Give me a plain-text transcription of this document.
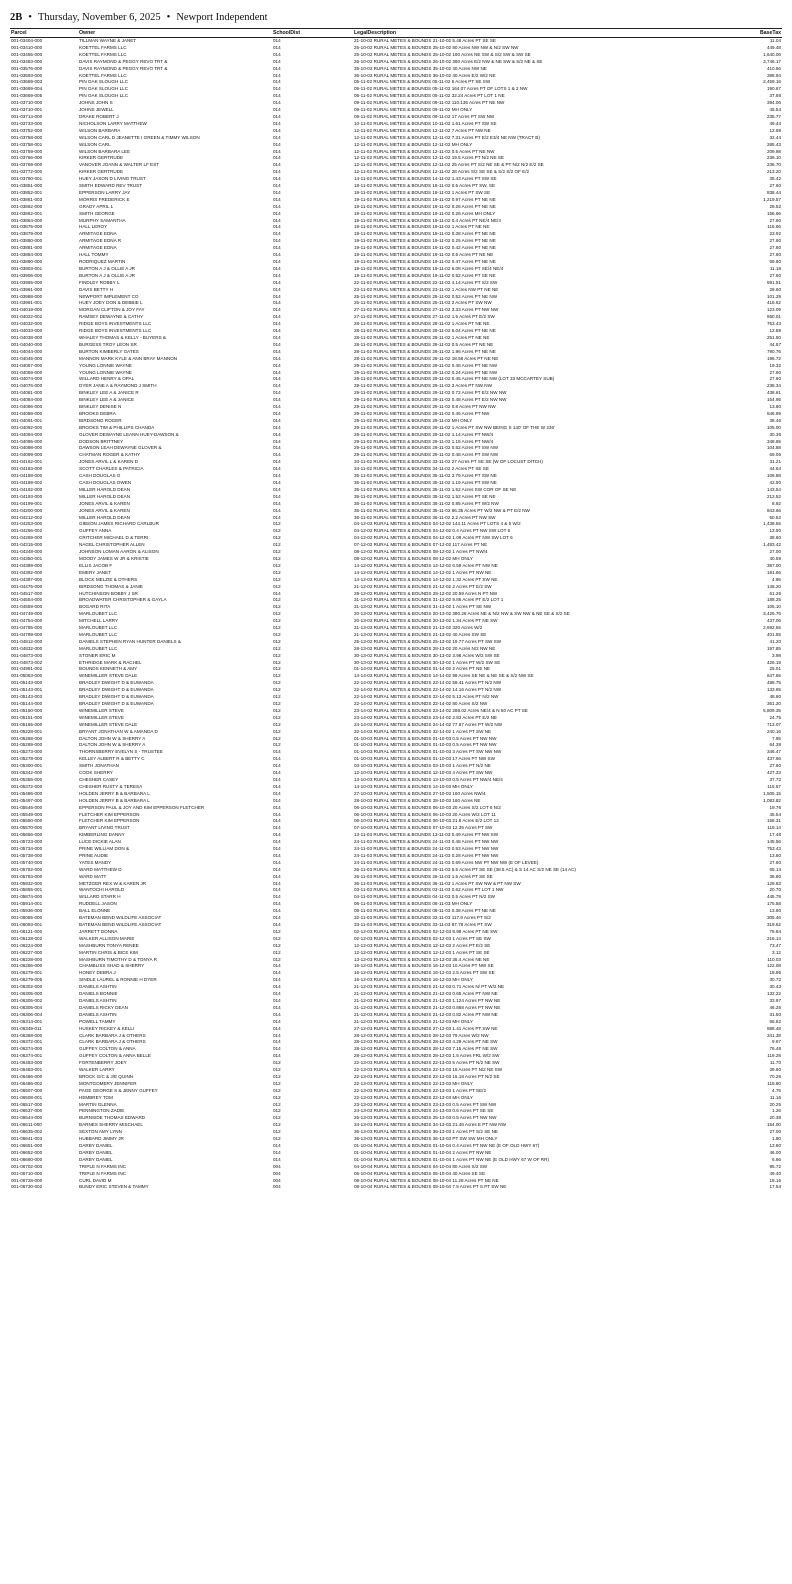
2B • Thursday, November 6, 2025 • Newport Independent
Parcel	Owner	SchoolDist	LegalDescription	BaseTax
001-03404-000	TILLMAN WAYNE & JANET	014	21-10-02 RURAL METES & BOUNDS 21-10-02 5.48 Acres PT SE SE	11.04
001-03410-000	KOETTEL FARMS LLC	014	25-10-02 RURAL METES & BOUNDS 25-10-02 80 Acres NW NW & N/2 SW NW	449.48
001-03455-000	KOETTEL FARMS LLC	014	25-10-02 RURAL METES & BOUNDS 25-10-02 160 Acres NE SW & S/2 SW & SW SE	1,640.06
001-03483-000	DAVIS RAYMOND & PEGGY REVO TRT &	014	26-10-02 RURAL METES & BOUNDS 26-10-02 360 Acres E/2 NW & NE SW & S/2 NE & SE	3,746.17
001-03576-000	DAVIS RAYMOND & PEGGY REVO TRT &	014	35-10-02 RURAL METES & BOUNDS 35-10-02 40 Acres NW NE	410.56
001-03593-000	KOETTEL FARMS LLC	014	36-10-02 RURAL METES & BOUNDS 36-10-02 40 Acres E/2 W/2 NE	388.94
001-03669-003	PIN OAK SLOUGH LLC	014	05-11-02 RURAL METES & BOUNDS 05-11-02 5 Acres PT SE SW	2,459.16
001-03669-004	PIN OAK SLOUGH LLC	014	05-11-02 RURAL METES & BOUNDS 05-11-02 164.07 Acres PT OF LOTS 1 & 2 NW	190.67
001-03669-005	PIN OAK SLOUGH LLC	014	05-11-02 RURAL METES & BOUNDS 05-11-02 32.24 Acres PT LOT 1 NE	37.68
001-03710-000	JOHNS JOHN S	014	09-11-02 RURAL METES & BOUNDS 09-11-02 110.135 Acres PT NE NW	394.06
001-03710-001	JOHNS JEWELL	014	09-11-02 RURAL METES & BOUNDS 09-11-02 MH ONLY	45.54
001-03713-000	DRAKE ROBERT J	014	09-11-02 RURAL METES & BOUNDS 09-11-02 17 Acres PT SW NW	235.77
001-03733-000	NICHOLSON LARRY MATTHEW	014	10-11-02 RURAL METES & BOUNDS 10-11-02 1.61 Acres PT SW SE	49.44
001-03752-000	WILSON BARBARA	014	12-11-02 RURAL METES & BOUNDS 12-11-02 7 Acres PT NW NE	12.98
001-03758-000	WILSON CARL D JEANETTE I GREEN & TIMMY WILSON	014	12-11-02 RURAL METES & BOUNDS 12-11-02 7.31 Acres PT E/2 E3/4 NE NW (TRACT B)	32.44
001-03758-001	WILSON CARL	014	12-11-02 RURAL METES & BOUNDS 12-11-02 MH ONLY	285.43
001-03759-000	WILSON BARBARA LEE	014	12-11-02 RURAL METES & BOUNDS 12-11-02 0.5 Acres PT NE NW	209.98
001-03766-000	KIRKER GERTRUDE	014	12-11-02 RURAL METES & BOUNDS 12-11-02 19.5 Acres PT N/2 NE SE	236.10
001-03769-000	VANOVER JOANN & WALTER LF EST	014	12-11-02 RURAL METES & BOUNDS 12-11-02 25 Acres PT S/2 NE SE & PT N/2 N/2 E/2 SE	236.70
001-03772-000	KIRKER GERTRUDE	014	12-11-02 RURAL METES & BOUNDS 12-11-02 28 Acres S/2 SE SE & S/2 S/2 OF E/2	213.20
001-03790-001	HUEY JASON D LIVING TRUST	014	14-11-02 RURAL METES & BOUNDS 14-11-02 1.43 Acres PT SW SE	35.42
001-03851-000	SMITH EDWARD REV TRUST	014	18-11-02 RURAL METES & BOUNDS 18-11-02 0.5 Acres PT SW, SE	27.60
001-03852-001	EPPERSON LARRY JAY	014	18-11-02 RURAL METES & BOUNDS 18-11-02 1 Acres PT SW SE	838.44
001-03861-003	MORRIS FREDERICK E	014	19-11-02 RURAL METES & BOUNDS 19-11-02 0.97 Acres PT NE NE	1,219.57
001-03862-000	GRADY APRIL L	014	19-11-02 RURAL METES & BOUNDS 19-11-02 0.26 Acres PT NE NE	28.52
001-03862-001	SMITH GEORGE	014	19-11-02 RURAL METES & BOUNDS 19-11-02 0.26 Acres MH ONLY	156.66
001-03864-000	MURPHY SAMANTHA	014	19-11-02 RURAL METES & BOUNDS 19-11-02 0.4 Acres PT NE/4 NE/4	27.60
001-03875-000	HALL LEROY	014	19-11-02 RURAL METES & BOUNDS 19-11-02 1 Acres PT NE NE	116.66
001-03879-000	ARMITAGE EDNA	014	19-11-02 RURAL METES & BOUNDS 19-11-02 0.38 Acres PT NE NE	23.92
001-03880-000	ARMITAGE EDNA R	014	19-11-02 RURAL METES & BOUNDS 19-11-02 0.25 Acres PT NE NE	27.60
001-03881-000	ARMITAGE EDNA	014	19-11-02 RURAL METES & BOUNDS 19-11-02 0.42 Acres PT NE NE	27.60
001-03884-000	HALL TOMMY	014	19-11-02 RURAL METES & BOUNDS 19-11-02 0.5 Acres PT NE NE	27.60
001-03890-000	RODRIQUEZ MARTIN	014	19-11-02 RURAL METES & BOUNDS 19-11-02 0.47 Acres PT NE NE	59.80
001-03903-001	BURTON A J & OLLIE A JR	014	19-11-02 RURAL METES & BOUNDS 19-11-02 6.08 Acres PT SE/4 NE/4	11.18
001-03906-000	BURTON A J & OLLIE A JR	014	19-11-02 RURAL METES & BOUNDS 19-11-02 0.52 Acres PT SE NE	27.60
001-03955-000	FINDLEY ROBBY L	014	22-11-02 RURAL METES & BOUNDS 22-11-02 4.14 Acres PT S/2 SW	591.51
001-03961-000	DAVIS BETTY H	014	23-11-02 RURAL METES & BOUNDS 23-11-02 1 Acres NW PT NE NE	28.60
001-03988-000	NEWPORT IMPLEMENT CO	014	25-11-02 RURAL METES & BOUNDS 25-11-02 0.52 Acres PT NE NW	101.29
001-03991-001	HUEY JOEY DON & DEBBIE L	014	25-11-02 RURAL METES & BOUNDS 25-11-02 2 Acres PT SW NW	418.62
001-04019-000	MORGAN CLIFTON & JOY FAY	014	27-11-02 RURAL METES & BOUNDS 27-11-02 3.33 Acres PT NW NW	123.09
001-04022-002	RAMSEY DEWAYNE & CATHY	014	27-11-02 RURAL METES & BOUNDS 27-11-02 1.5 Acres PT E/2 SW	850.01
001-04032-000	RIDGE BOYS INVESTMENTS LLC	014	28-11-02 RURAL METES & BOUNDS 28-11-02 1 Acres PT NE NE	753.43
001-04033-000	RIDGE BOYS INVESTMENTS LLC	014	28-11-02 RURAL METES & BOUNDS 28-11-02 5.04 Acres PT NE NE	12.88
001-04038-000	WHALEY THOMAS & KELLY - BUYERS &	014	28-11-02 RURAL METES & BOUNDS 28-11-02 1 Acres PT NE NE	251.50
001-04040-000	BURGESS TROY LEON SR	014	28-11-02 RURAL METES & BOUNDS 28-11-02 0.5 Acres PT NE NE	44.57
001-04044-000	BURTON KIMBERLY GATES	014	28-11-02 RURAL METES & BOUNDS 28-11-02 1.96 Acres PT NE NE	790.76
001-04045-000	MANNON MARK KYLE & ANN BRAY MANNON	014	28-11-02 RURAL METES & BOUNDS 28-11-02 18.58 Acres PT NE NE	196.72
001-04067-000	YOUNG LONNIE WAYNE	014	29-11-02 RURAL METES & BOUNDS 29-11-02 0.48 Acres PT NE NW	19.32
001-04069-000	YOUNG LONNIE WAYNE	014	29-11-02 RURAL METES & BOUNDS 29-11-02 0.24 Acres PT NE NW	27.60
001-04074-000	WILLARD HENRY & OPAL	014	29-11-02 RURAL METES & BOUNDS 29-11-02 0.45 Acres PT NE NW (LOT 33 MCCARTEY SUB)	27.60
001-04076-000	DYER JANE A & RAYMOND J SMITH	014	29-11-02 RURAL METES & BOUNDS 29-11-02 3 Acres PT NW NW	238.34
001-04081-000	BINKLEY LEE A & JANICE R	014	29-11-02 RURAL METES & BOUNDS 29-11-02 0.72 Acres PT E/2 NW NW	438.61
001-04084-000	BINKLEY LEE A & JANICE	014	29-11-02 RURAL METES & BOUNDS 29-11-02 0.48 Acres PT E/2 NW NW	154.95
001-04086-000	BINKLEY DENISE N	014	29-11-02 RURAL METES & BOUNDS 29-11-02 0.8 Acres PT NW NW	13.80
001-04088-000	BROOKS DEBRA	014	29-11-02 RURAL METES & BOUNDS 29-11-02 0.46 Acres PT NW	546.99
001-04091-001	BIRDSONG ROGER	014	29-11-02 RURAL METES & BOUNDS 29-11-02 MH ONLY	38.46
001-04092-000	BROOKS TIM & PHILLIPS CHANDA	014	29-11-02 RURAL METES & BOUNDS 29-11-02 1 Acres PT SW NW BEING S 140' OF THE W 236'	105.00
001-04094-000	GLOVER DEWAYNE LEANN HUEY-DAWSON &	014	29-11-02 RURAL METES & BOUNDS 29-11-02 1.14 Acres PT NW/4	30.36
001-04095-000	DODSON BRITTNEY	014	29-11-02 RURAL METES & BOUNDS 29-11-02 1.15 Acres PT NW/4	348.65
001-04098-000	DAWSON LEAH DEWAYNE GLOVER &	014	29-11-02 RURAL METES & BOUNDS 29-11-02 0.52 Acres PT SW NW	104.88
001-04099-000	CHATMAN ROGER & KATHY	014	29-11-02 RURAL METES & BOUNDS 29-11-02 0.48 Acres PT SW NW	69.06
001-04162-001	JONES ARVIL L & KAREN D	014	33-11-02 RURAL METES & BOUNDS 33-11-02 27 Acres PT SE SE (W OF LOCUST DITCH)	31.21
001-04183-000	SCOTT CHARLES & PATRICIA	014	34-11-02 RURAL METES & BOUNDS 34-11-02 2 Acres PT SE SE	44.64
001-04188-000	CASH DOUGLAS O	014	35-11-02 RURAL METES & BOUNDS 35-11-02 3.79 Acres PT SW NE	106.88
001-04189-002	CASH DOUGLAS OWEN	014	35-11-02 RURAL METES & BOUNDS 35-11-02 1.19 Acres PT SW NE	42.50
001-04192-000	MILLER HAROLD DEAN	014	35-11-02 RURAL METES & BOUNDS 35-11-02 1.52 Acres SW COR OF SE NE	143.54
001-04193-000	MILLER HAROLD DEAN	014	35-11-02 RURAL METES & BOUNDS 35-11-02 1.52 Acres PT SE NE	212.52
001-04199-001	JONES ARVIL & KAREN	014	35-11-02 RURAL METES & BOUNDS 35-11-02 0.85 Acres PT W/2 NW	8.92
001-04200-000	JONES ARVIL & KAREN	014	35-11-02 RURAL METES & BOUNDS 35-11-02 86.35 Acres PT W/2 NW & PT E/2 NW	843.66
001-04212-002	MILLER HAROLD DEAN	014	36-11-02 RURAL METES & BOUNDS 36-11-02 2.2 Acres PT NW SW	50.52
001-04253-000	GIBSON JAMES RICHARD CARLBUR	012	04-12-02 RURAL METES & BOUNDS 04-12-02 144.11 Acres PT LOTS 4 & 5 W/2	1,438.55
001-04266-002	GUFFEY ANNA	012	04-12-02 RURAL METES & BOUNDS 04-12-02 0.4 Acres PT NW SW LOT 6	13.50
001-04269-000	CRITCHER MICHAEL D & TERRI	012	04-12-02 RURAL METES & BOUNDS 04-12-02 1.09 Acres PT NW SW LOT 6	38.60
001-04315-000	NAGEL CHRISTOPHER ALLEN	012	07-12-02 RURAL METES & BOUNDS 07-12-02 117 Acres PT NE	1,483.42
001-04348-000	JOHNSON LOMAN AARON & ALISON	012	08-12-02 RURAL METES & BOUNDS 08-12-02 1 Acres PT NW/4	27.00
001-04350-001	MOODY JAMES W JR & KRISTIE	012	08-12-02 RURAL METES & BOUNDS 08-12-02 MH ONLY	40.59
001-04389-000	ELLIS JACOB F	012	14-12-02 RURAL METES & BOUNDS 14-12-02 6.59 Acres PT NW NE	387.00
001-04392-000	EMERY JANET	012	14-12-02 RURAL METES & BOUNDS 14-12-02 1 Acres PT NW NE	181.66
001-04397-000	BLOCK MELZIE & OTHERS	012	14-12-02 RURAL METES & BOUNDS 14-12-02 1.32 Acres PT SW NE	4.95
001-04475-000	BIRDSONG THOMAS & JANIE	012	21-12-02 RURAL METES & BOUNDS 21-12-02 2 Acres PT E/2 SW	146.20
001-04517-000	HUTCHINSON BOBBY J SR	014	29-12-02 RURAL METES & BOUNDS 29-12-02 20.59 Acres N PT NW	61.26
001-04554-000	BROADWATER CHRISTOPHER & GAYLA	012	31-12-02 RURAL METES & BOUNDS 31-12-02 9.86 Acres PT E/2 LOT 1	188.25
001-04559-000	BOGARD RITA	012	31-13-02 RURAL METES & BOUNDS 31-13-02 1 Acres PT SE NW	105.10
001-04749-000	MARLOUBET LLC	012	20-13-02 RURAL METES & BOUNDS 20-13-02 380.26 Acres NE & N/2 NW & SW NW & NE SE & S/2 SE	3,425.76
001-04754-000	MITCHELL LARRY	012	20-13-02 RURAL METES & BOUNDS 20-13-02 1.34 Acres PT NE SW	437.06
001-04785-000	MARLOUBET LLC	012	21-13-02 RURAL METES & BOUNDS 21-13-02 320 Acres W/2	2,692.55
001-04789-000	MARLOUBET LLC	012	21-13-02 RURAL METES & BOUNDS 21-13-02 40 Acres SW SE	401.55
001-04812-000	DANIELS STEPHEN RYAN HUNTER DANIELS &	012	25-13-02 RURAL METES & BOUNDS 25-13-02 19.77 Acres PT SW SW	41.20
001-04832-000	MARLOUBET LLC	012	28-13-02 RURAL METES & BOUNDS 28-13-02 20 Acres N/2 NW NE	197.85
001-04873-000	STONER ERIC M	012	30-13-02 RURAL METES & BOUNDS 30-13-02 3.98 Acres W/2 SW SE	3.98
001-04873-002	ETHRIDGE MARK & RACHEL	012	30-13-02 RURAL METES & BOUNDS 30-13-02 1 Acres PT W/2 SW SE	426.19
001-04991-002	BOUNDS KENNETH & AMY	012	01-14-02 RURAL METES & BOUNDS 01-14-02 2 Acres PT NE NE	25.01
001-05063-000	WINEMILLER STEVE DALE	012	14-14-02 RURAL METES & BOUNDS 14-14-02 99 Acres SE NE & NE SE & S/2 NW SE	847.65
001-05143-000	BRADLEY DWIGHT D & EUWANDA	012	22-14-02 RURAL METES & BOUNDS 22-14-02 59.41 Acres PT N/2 NW	488.75
001-05143-001	BRADLEY DWIGHT D & EUWANDA	012	22-14-02 RURAL METES & BOUNDS 22-14-02 14.16 Acres PT N/2 NW	133.65
001-05143-003	BRADLEY DWIGHT D & EUWANDA	012	22-14-02 RURAL METES & BOUNDS 22-14-02 5.13 Acres PT N/2 NW	48.60
001-05144-000	BRADLEY DWIGHT D & EUWANDA	012	22-14-02 RURAL METES & BOUNDS 22-14-02 80 Acres S/2 NW	361.20
001-05150-000	WINEMILLER STEVE	012	23-14-02 RURAL METES & BOUNDS 23-14-02 288.02 Acres NE/4 & N 50 AC PT SE	5,809.35
001-05151-000	WINEMILLER STEVE	012	23-14-02 RURAL METES & BOUNDS 23-14-02 2.83 Acres PT E/2 NE	24.75
001-05165-000	WINEMILLER STEVE DALE	012	24-14-02 RURAL METES & BOUNDS 24-14-02 77.67 Acres PT W/2 NW	713.07
001-05228-001	BRYANT JONATHAN W & AMANDA D	012	32-14-02 RURAL METES & BOUNDS 32-14-02 1 Acres PT SW NE	240.16
001-05268-000	DALTON JOHN W & SHERRY A	012	01-10-03 RURAL METES & BOUNDS 01-10-03 0.5 Acres PT NW NW	7.95
001-05269-000	DALTON JOHN W & SHERRY A	012	01-10-03 RURAL METES & BOUNDS 01-10-03 0.5 Acres PT NW NW	64.38
001-05273-000	THORNSBERRY EVELYN S - TRUSTEE	014	01-10-03 RURAL METES & BOUNDS 01-10-03 3 Acres PT SW NW NW	346.47
001-05278-000	KELLEY ALBERT R & BETTY C	014	01-10-03 RURAL METES & BOUNDS 01-10-03 17 Acres PT NW SW	437.66
001-05300-001	SMITH JONATHAN	014	03-10-03 RURAL METES & BOUNDS 03-10-03 1 Acres PT N/2 NE	27.60
001-05342-000	COOK SHERRY	014	12-10-03 RURAL METES & BOUNDS 12-10-03 4 Acres PT SW NW	427.33
001-05356-000	CHESHER CASEY	014	13-10-03 RURAL METES & BOUNDS 13-10-03 0.5 Acres PT NW/4 NE/4	37.72
001-05372-000	CHESHER RUSTY & TERESA	014	14-10-03 RURAL METES & BOUNDS 14-10-03 MH ONLY	115.67
001-05486-000	HOLDEN JERRY B & BARBARA L	014	27-10-03 RURAL METES & BOUNDS 27-10-03 160 Acres NW/4	1,505.15
001-05497-000	HOLDEN JERRY B & BARBARA L	014	28-10-03 RURAL METES & BOUNDS 28-10-03 160 Acres NE	1,083.82
001-05546-000	EPPERSON PAUL & JOY AND KIM EPPERSON FLETCHER	014	06-10-03 RURAL METES & BOUNDS 06-10-03 20 Acres S/2 LOT 6 N/2	19.76
001-05549-000	FLETCHER KIM EPPERSON	014	06-10-03 RURAL METES & BOUNDS 06-10-03 20 Acres W/2 LOT 11	45.54
001-05550-000	FLETCHER KIM EPPERSON	014	06-10-03 RURAL METES & BOUNDS 06-10-03 21.8 Acres E/2 LOT 12	158.31
001-05570-000	BRYANT LIVING TRUST	014	07-10-03 RURAL METES & BOUNDS 07-10-03 12.35 Acres PT SW	119.14
001-05656-000	KIMBERLING DANNY	014	13-11-03 RURAL METES & BOUNDS 13-11-03 0.49 Acres PT NW SW	17.48
001-05723-000	LUCE DICKIE ALAN	014	24-11-03 RURAL METES & BOUNDS 24-11-03 0.48 Acres PT NW NW	145.56
001-05734-000	PRINE WILLIAM DON &	014	24-11-03 RURAL METES & BOUNDS 24-11-03 0.53 Acres PT NW NW	753.43
001-05738-000	PRINE AUDIE	014	24-11-03 RURAL METES & BOUNDS 24-11-03 0.28 Acres PT NW NW	13.80
001-05740-000	YATES MANDY	014	24-11-03 RURAL METES & BOUNDS 24-11-03 0.69 Acres NW PT NW NW (E OF LEVEE)	27.60
001-05782-000	WARD MATTHEW D	014	26-11-03 RURAL METES & BOUNDS 26-11-03 5.5 Acres PT SE SE (38.5 AC) & S 14 AC S/2 NE SE (14 AC)	65.14
001-05783-000	WARD MATT	014	26-11-03 RURAL METES & BOUNDS 26-11-03 1.5 Acres PT SE SE	36.80
001-05832-000	METZGER REX W & KAREN JR	014	36-11-03 RURAL METES & BOUNDS 36-11-03 1 Acres PT SW NW & PT NW SW	129.83
001-05855-001	WANTOCHI HAROLD	014	03-11-03 RURAL METES & BOUNDS 03-11-03 0.62 Acres PT LOT 1 NW	20.70
001-05874-000	WILLARD STARR H	014	04-11-03 RURAL METES & BOUNDS 04-11-03 0.5 Acres PT N/2 SW	445.79
001-05914-001	RUDDELL JASON	014	06-11-03 RURAL METES & BOUNDS 06-11-03 MH ONLY	175.58
001-05936-000	BALL ELONNE	014	08-11-03 RURAL METES & BOUNDS 08-11-03 0.38 Acres PT NE NE	13.80
001-06085-000	BATEMAN BEND WILDLIFE ASSOCIAT	014	32-11-03 RURAL METES & BOUNDS 32-11-03 117.9 Acres PT S/2	305.46
001-06093-001	BATEMAN BEND WILDLIFE ASSOCIAT	014	33-11-03 RURAL METES & BOUNDS 33-11-03 87.78 Acres PT SW	319.62
001-06121-000	JARRETT DONNA	012	02-12-03 RURAL METES & BOUNDS 02-12-03 8.98 Acres PT NE SW	78.84
001-06128-002	WALKER ALLISON MARIE	012	02-12-03 RURAL METES & BOUNDS 02-12-03 1 Acres PT SE SW	216.14
001-06224-000	MASHBURN TONYA RENEE	012	12-12-03 RURAL METES & BOUNDS 12-12-03 2 Acres PT E/2 SE	73.47
001-06227-000	MARTIN CHRIS & BICE KIM	012	12-12-03 RURAL METES & BOUNDS 12-12-03 1 Acres PT SE SE	3.12
001-06228-000	MASHBURN TIMOTHY D & TONYA R	012	13-12-03 RURAL METES & BOUNDS 13-12-03 35.4 Acres NE NE	110.03
001-06266-000	CHAMBLISS SHAD & SHERRY	014	16-12-03 RURAL METES & BOUNDS 16-12-03 10 Acres PT NW SE	122.08
001-06279-001	HONEY DEBRA J	014	16-12-03 RURAL METES & BOUNDS 16-12-03 2.5 Acres PT SW SE	18.95
001-06279-005	SINDLE LAUREL & RONNIE H DYER	014	16-12-03 RURAL METES & BOUNDS 16-12-03 MH ONLY	30.72
001-06302-000	DANIELS ASHTIN	014	21-12-03 RURAL METES & BOUNDS 21-12-03 0.71 Acres N/ PT W/2 NE	30.43
001-06305-000	DANIELS BONNIE	014	21-12-03 RURAL METES & BOUNDS 21-12-03 0.65 Acres PT NW NE	132.22
001-06305-002	DANIELS ASHTIN	014	21-12-03 RURAL METES & BOUNDS 21-12-03 1.124 Acres PT NW NE	33.97
001-06305-004	DANIELS RICKY DEAN	014	21-12-03 RURAL METES & BOUNDS 21-12-03 0.868 Acres PT NW NE	46.25
001-06306-004	DANIELS ASHTIN	014	21-12-03 RURAL METES & BOUNDS 21-12-03 0.82 Acres PT NW NE	31.50
001-06314-001	POWELL TAMMY	014	21-12-03 RURAL METES & BOUNDS 21-12-03 MH ONLY	68.82
001-06349-011	HUSKEY RICKEY & KELLI	014	27-12-03 RURAL METES & BOUNDS 27-12-03 1.41 Acres PT SW NE	888.48
001-06368-000	CLARK BARBARA J & OTHERS	014	28-12-03 RURAL METES & BOUNDS 28-12-03 79 Acres W/2 NW	341.38
001-06372-001	CLARK BARBARA J & OTHERS	014	28-12-03 RURAL METES & BOUNDS 28-12-03 4.29 Acres PT NE SW	9.67
001-06374-000	GUFFEY COLTON & ANNA	014	28-12-03 RURAL METES & BOUNDS 28-12-03 7.15 Acres PT NE SW	76.48
001-06374-001	GUFFEY COLTON & ANNA BELLE	014	28-12-03 RURAL METES & BOUNDS 28-12-03 1.5 Acres FRL W/2 SW	119.28
001-06483-000	FORTENBERRY JOEY	012	22-13-03 RURAL METES & BOUNDS 22-13-03 5 Acres PT N/2 NE SW	11.70
001-06483-001	WALKER LARRY	012	22-13-03 RURAL METES & BOUNDS 22-13-03 15 Acres PT N/2 NE SW	39.60
001-06486-000	BROCK G/C & J/E QUINN	012	22-13-03 RURAL METES & BOUNDS 22-13-03 15.18 Acres PT N/2 SE	70.26
001-06486-002	MONTGOMERY JENNIFER	012	22-13-03 RURAL METES & BOUNDS 22-13-03 MH ONLY	118.80
001-06507-000	PAGE GEORGE S & JENNY GUFFEY	012	22-13-03 RURAL METES & BOUNDS 22-13-03 1 Acres PT SE/2	4.76
001-06508-001	HEMBREY TOM	012	22-13-03 RURAL METES & BOUNDS 22-13-03 MH ONLY	11.16
001-06517-000	MARTIN GLENNA	012	23-13-03 RURAL METES & BOUNDS 23-13-03 0.5 Acres PT SW NW	20.25
001-06537-000	PENNINGTON ZADIE	012	24-13-03 RURAL METES & BOUNDS 24-13-03 0.6 Acres PT SE SE	1.26
001-06544-000	BURNSIDE THOMAS EDWARD	012	25-13-03 RURAL METES & BOUNDS 25-13-03 0.5 Acres PT NW NW	20.38
001-06611-000	BARNES SHERRY MISCHAEL	012	34-13-03 RURAL METES & BOUNDS 34-13-03 21.46 Acres E PT NW NW	154.00
001-06635-002	SEXTON AMY LYNN	012	36-13-03 RURAL METES & BOUNDS 36-13-03 1 Acres PT S/2 SE NE	27.00
001-06641-003	HUBBARD JIMMY JR	012	36-13-03 RURAL METES & BOUNDS 36-13-03 PT SW SW MH ONLY	1.80
001-06651-000	DARBY DANIEL	014	01-10-04 RURAL METES & BOUNDS 01-10-04 0.4 Acres PT NW NE (E OF OLD HWY 67)	13.80
001-06652-000	DARBY DANIEL	014	01-10-04 RURAL METES & BOUNDS 01-10-04 2 Acres PT NW NE	46.00
001-06660-000	DARBY DANIEL	014	01-10-04 RURAL METES & BOUNDS 01-10-04 1 Acres PT NW NE (E OLD HWY 67 W OF RR)	6.66
001-06702-000	TRIPLE N FARMS INC	004	04-10-04 RURAL METES & BOUNDS 04-10-04 80 Acres S/2 SW	95.72
001-06710-000	TRIPLE N FARMS INC	004	05-10-04 RURAL METES & BOUNDS 05-10-04 40 Acres SE SE	49.40
001-06728-000	CURL DAVID M	004	08-10-04 RURAL METES & BOUNDS 08-10-04 11.28 Acres PT NE NE	18.16
001-06730-002	BUNDY ERIC STEVEN & TAMMY	004	08-10-04 RURAL METES & BOUNDS 08-10-04 7.5 Acres PT S PT SW NE	17.54
